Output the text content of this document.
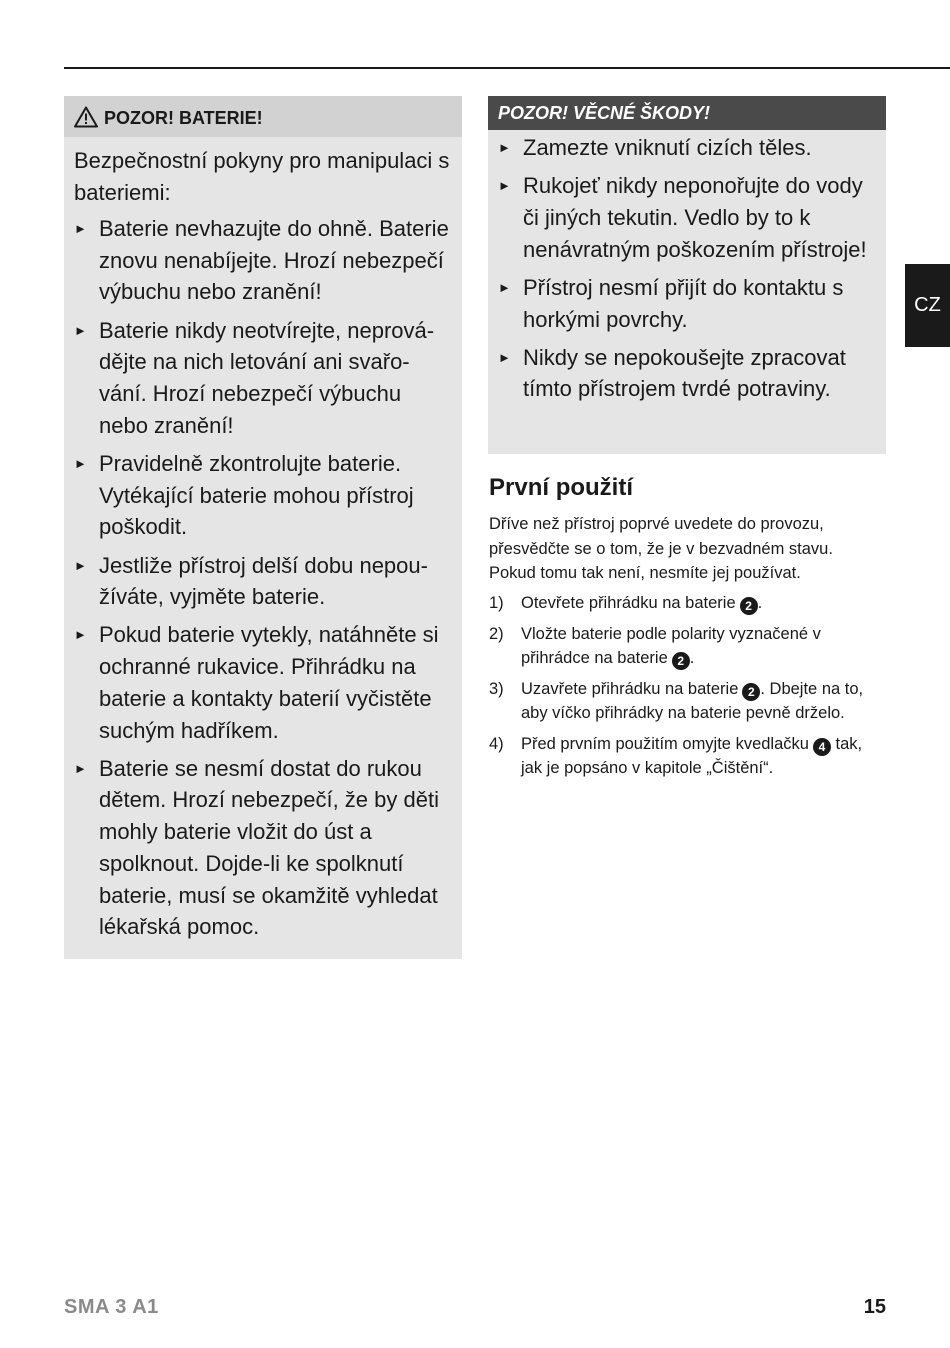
CZ
POZOR! BATERIE!

Bezpečnostní pokyny pro manipulaci s bateriemi:

► Baterie nevhazujte do ohně. Baterie znovu nenabíjejte. Hrozí nebezpečí výbuchu nebo zranění!
► Baterie nikdy neotvírejte, neprová-dějte na nich letování ani svařo-vání. Hrozí nebezpečí výbuchu nebo zranění!
► Pravidelně zkontrolujte baterie. Vytékající baterie mohou přístroj poškodit.
► Jestliže přístroj delší dobu nepou-žíváte, vyjměte baterie.
► Pokud baterie vytekly, natáhněte si ochranné rukavice. Přihrádku na baterie a kontakty baterií vyčistěte suchým hadříkem.
► Baterie se nesmí dostat do rukou dětem. Hrozí nebezpečí, že by děti mohly baterie vložit do úst a spolknout. Dojde-li ke spolknutí baterie, musí se okamžitě vyhledat lékařská pomoc.
POZOR! VĚCNÉ ŠKODY!
► Zamezte vniknutí cizích těles.
► Rukojeť nikdy neponořujte do vody či jiných tekutin. Vedlo by to k nenávratným poškozením přístroje!
► Přístroj nesmí přijít do kontaktu s horkými povrchy.
► Nikdy se nepokoušejte zpracovat tímto přístrojem tvrdé potraviny.
První použití

Dříve než přístroj poprvé uvedete do provozu, přesvědčte se o tom, že je v bezvadném stavu. Pokud tomu tak není, nesmíte jej používat.

1) Otevřete přihrádku na baterie 2 .
2) Vložte baterie podle polarity vyznačené v přihrádce na baterie 2 .
3) Uzavřete přihrádku na baterie 2 . Dbejte na to, aby víčko přihrádky na baterie pevně drželo.
4) Před prvním použitím omyjte kvedlačku 4 tak, jak je popsáno v kapitole „Čištění“.
SMA 3 A1	15
